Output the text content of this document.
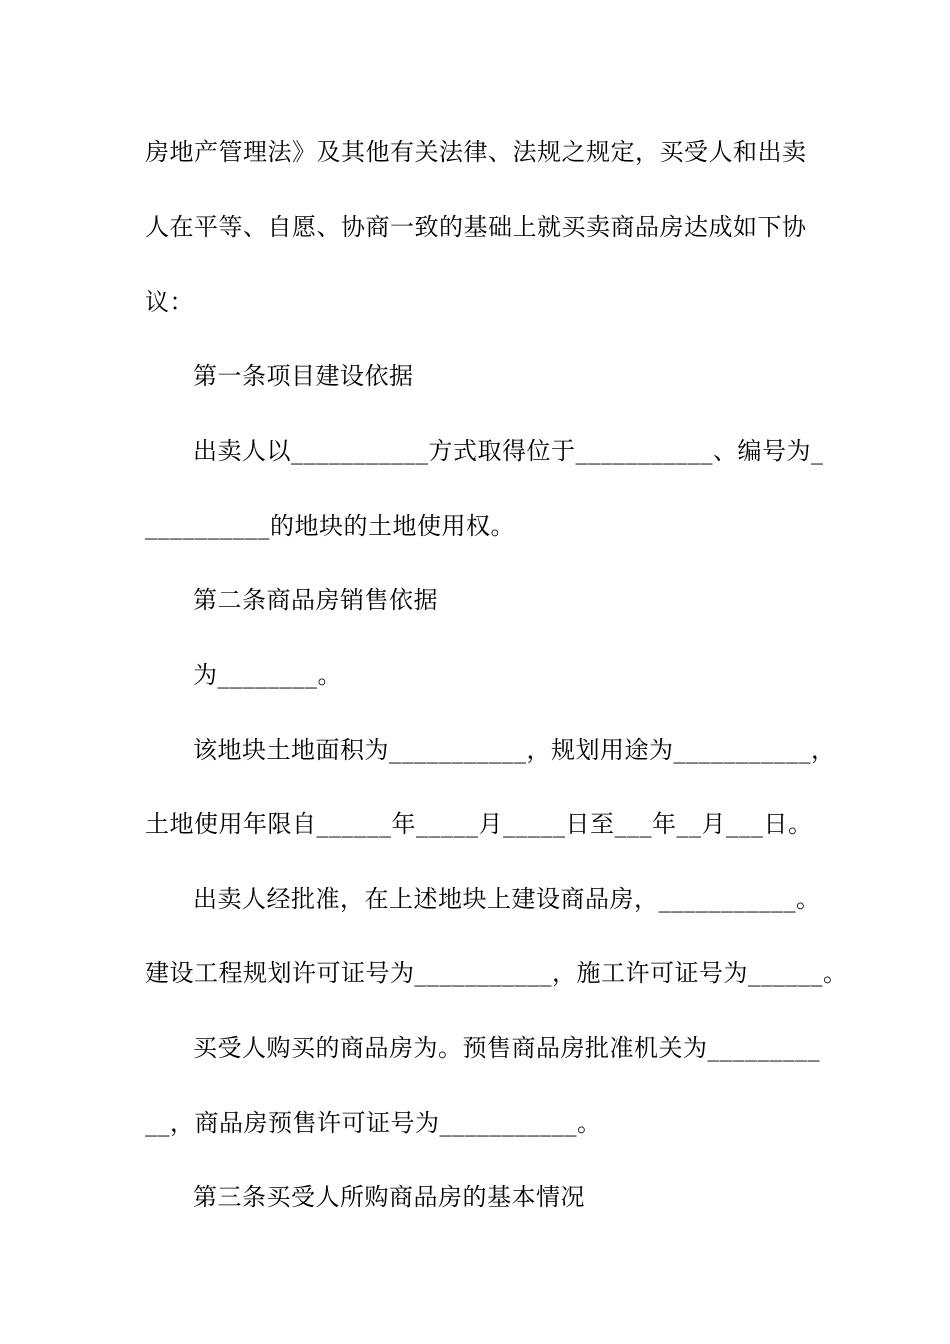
房地产管理法》及其他有关法律、法规之规定，买受人和出卖
人在平等、自愿、协商一致的基础上就买卖商品房达成如下协
议：
第一条项目建设依据
出卖人以___________方式取得位于___________、编号为_
__________的地块的土地使用权。
第二条商品房销售依据
为________。
该地块土地面积为___________，规划用途为___________，
土地使用年限自______年_____月_____日至___年__月___日。
出卖人经批准，在上述地块上建设商品房，___________。
建设工程规划许可证号为___________，施工许可证号为______。
买受人购买的商品房为。预售商品房批准机关为_________
__，商品房预售许可证号为___________。
第三条买受人所购商品房的基本情况
